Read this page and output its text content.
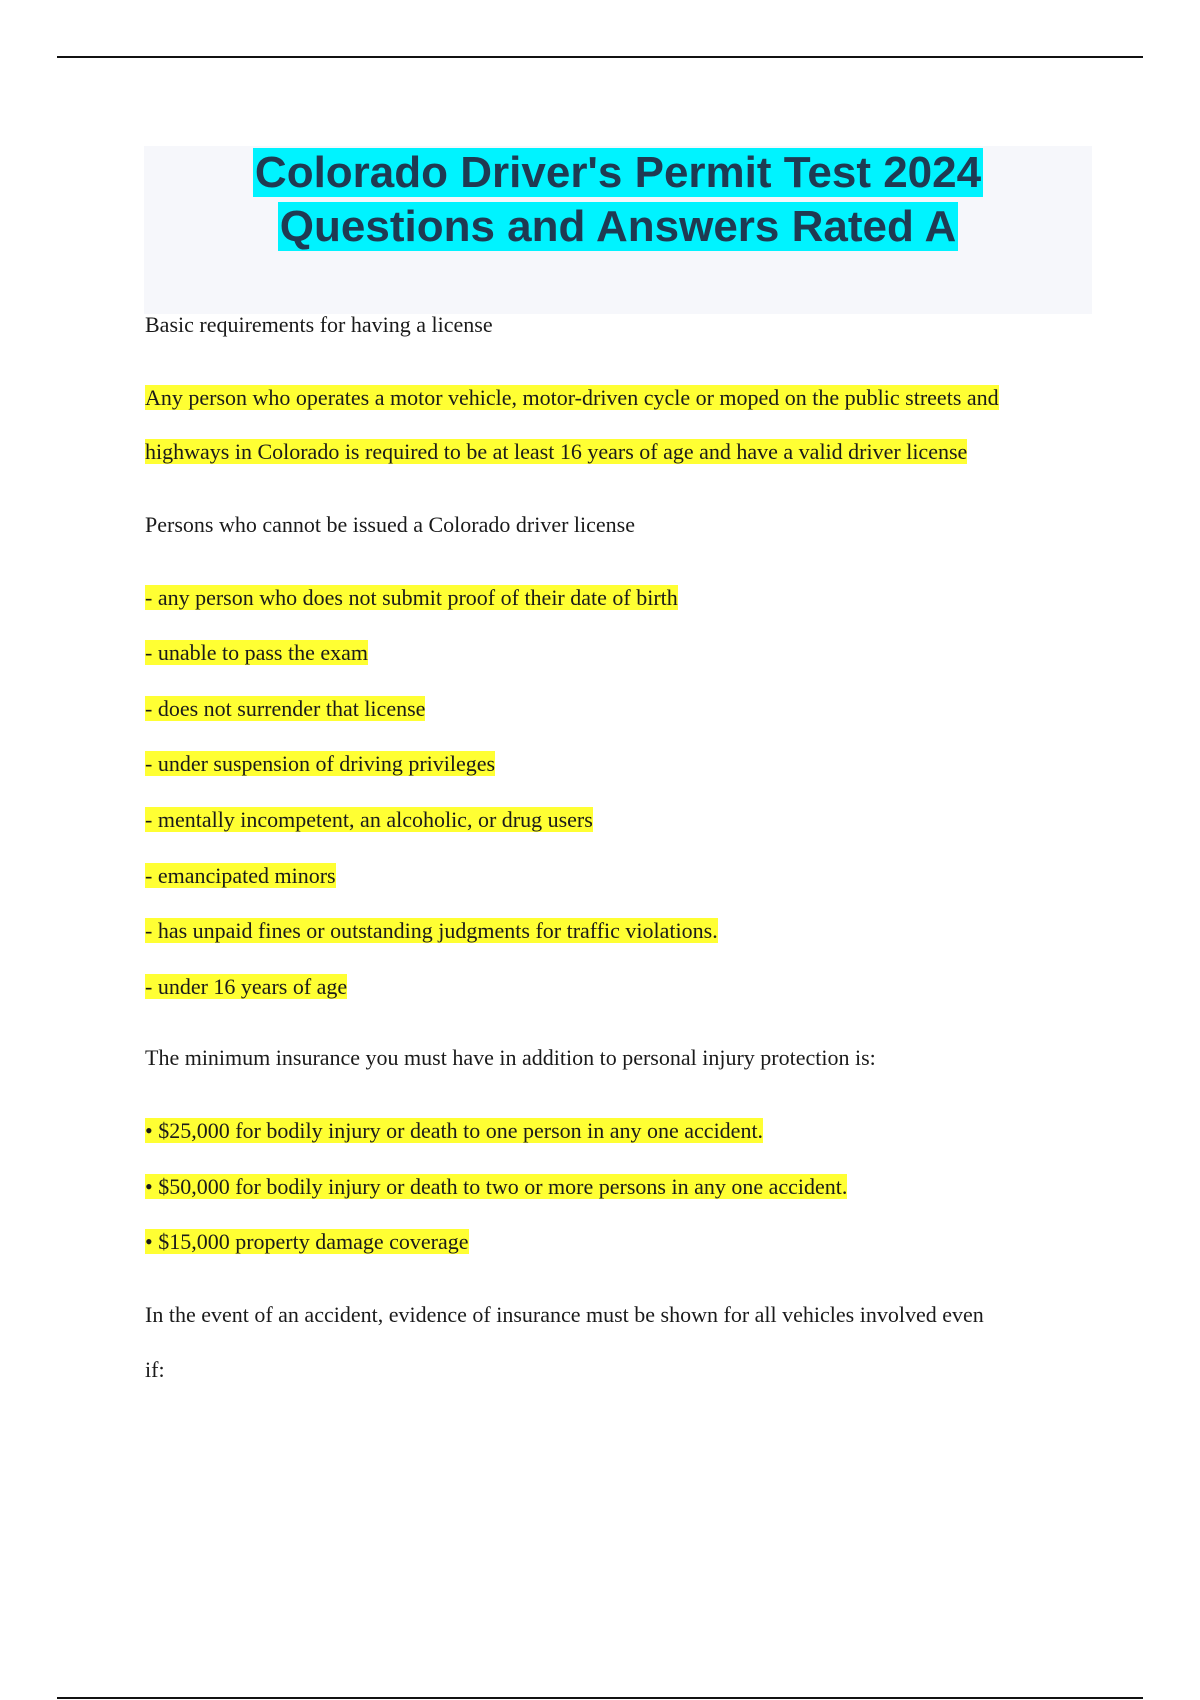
Colorado Driver's Permit Test 2024
Questions and Answers Rated A
Basic requirements for having a license
Any person who operates a motor vehicle, motor-driven cycle or moped on the public streets and
highways in Colorado is required to be at least 16 years of age and have a valid driver license
Persons who cannot be issued a Colorado driver license
- any person who does not submit proof of their date of birth
- unable to pass the exam
- does not surrender that license
- under suspension of driving privileges
- mentally incompetent, an alcoholic, or drug users
- emancipated minors
- has unpaid fines or outstanding judgments for traffic violations.
- under 16 years of age
The minimum insurance you must have in addition to personal injury protection is:
• $25,000 for bodily injury or death to one person in any one accident.
• $50,000 for bodily injury or death to two or more persons in any one accident.
• $15,000 property damage coverage
In the event of an accident, evidence of insurance must be shown for all vehicles involved even
if:
